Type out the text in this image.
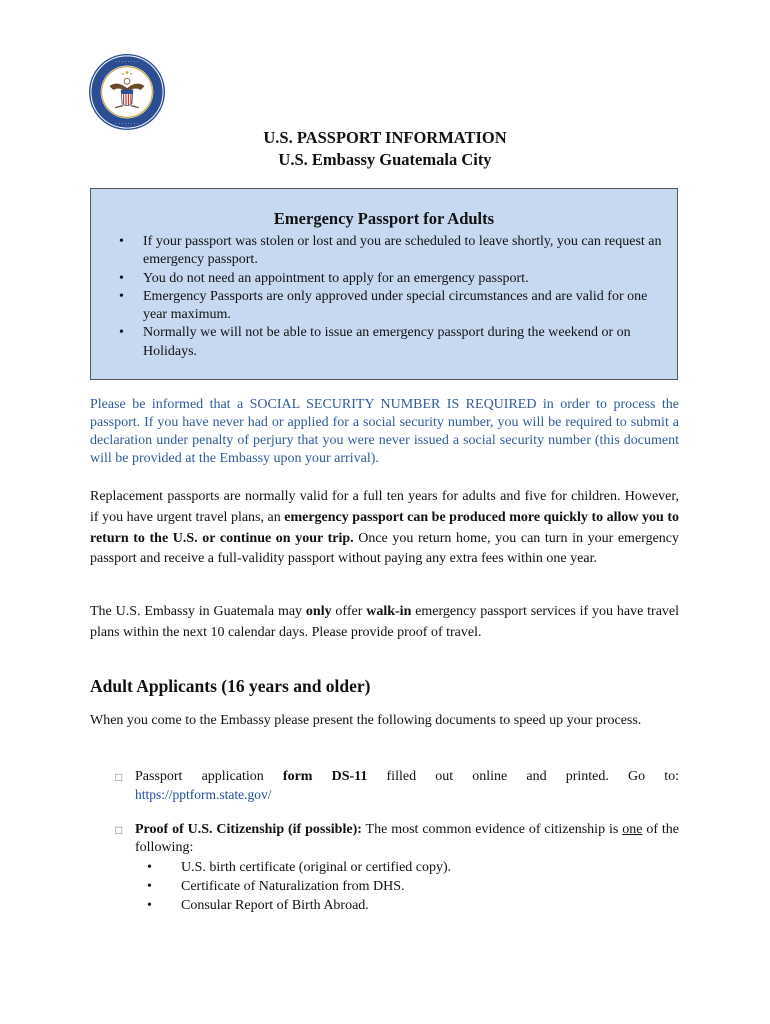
· · · · · · · ·
· · · · · · · ·
U.S. PASSPORT INFORMATION
U.S. Embassy Guatemala City
Emergency Passport for Adults
• If your passport was stolen or lost and you are scheduled to leave shortly, you can request an emergency passport.
• You do not need an appointment to apply for an emergency passport.
• Emergency Passports are only approved under special circumstances and are valid for one year maximum.
• Normally we will not be able to issue an emergency passport during the weekend or on Holidays.
Please be informed that a SOCIAL SECURITY NUMBER IS REQUIRED in order to process the passport. If you have never had or applied for a social security number, you will be required to submit a declaration under penalty of perjury that you were never issued a social security number (this document will be provided at the Embassy upon your arrival).
Replacement passports are normally valid for a full ten years for adults and five for children. However, if you have urgent travel plans, an emergency passport can be produced more quickly to allow you to return to the U.S. or continue on your trip. Once you return home, you can turn in your emergency passport and receive a full-validity passport without paying any extra fees within one year.
The U.S. Embassy in Guatemala may only offer walk-in emergency passport services if you have travel plans within the next 10 calendar days. Please provide proof of travel.
Adult Applicants (16 years and older)
When you come to the Embassy please present the following documents to speed up your process.
□ Passport application form DS-11 filled out online and printed. Go to:
https://pptform.state.gov/
□ Proof of U.S. Citizenship (if possible): The most common evidence of citizenship is one of the following:
• U.S. birth certificate (original or certified copy).
• Certificate of Naturalization from DHS.
• Consular Report of Birth Abroad.
